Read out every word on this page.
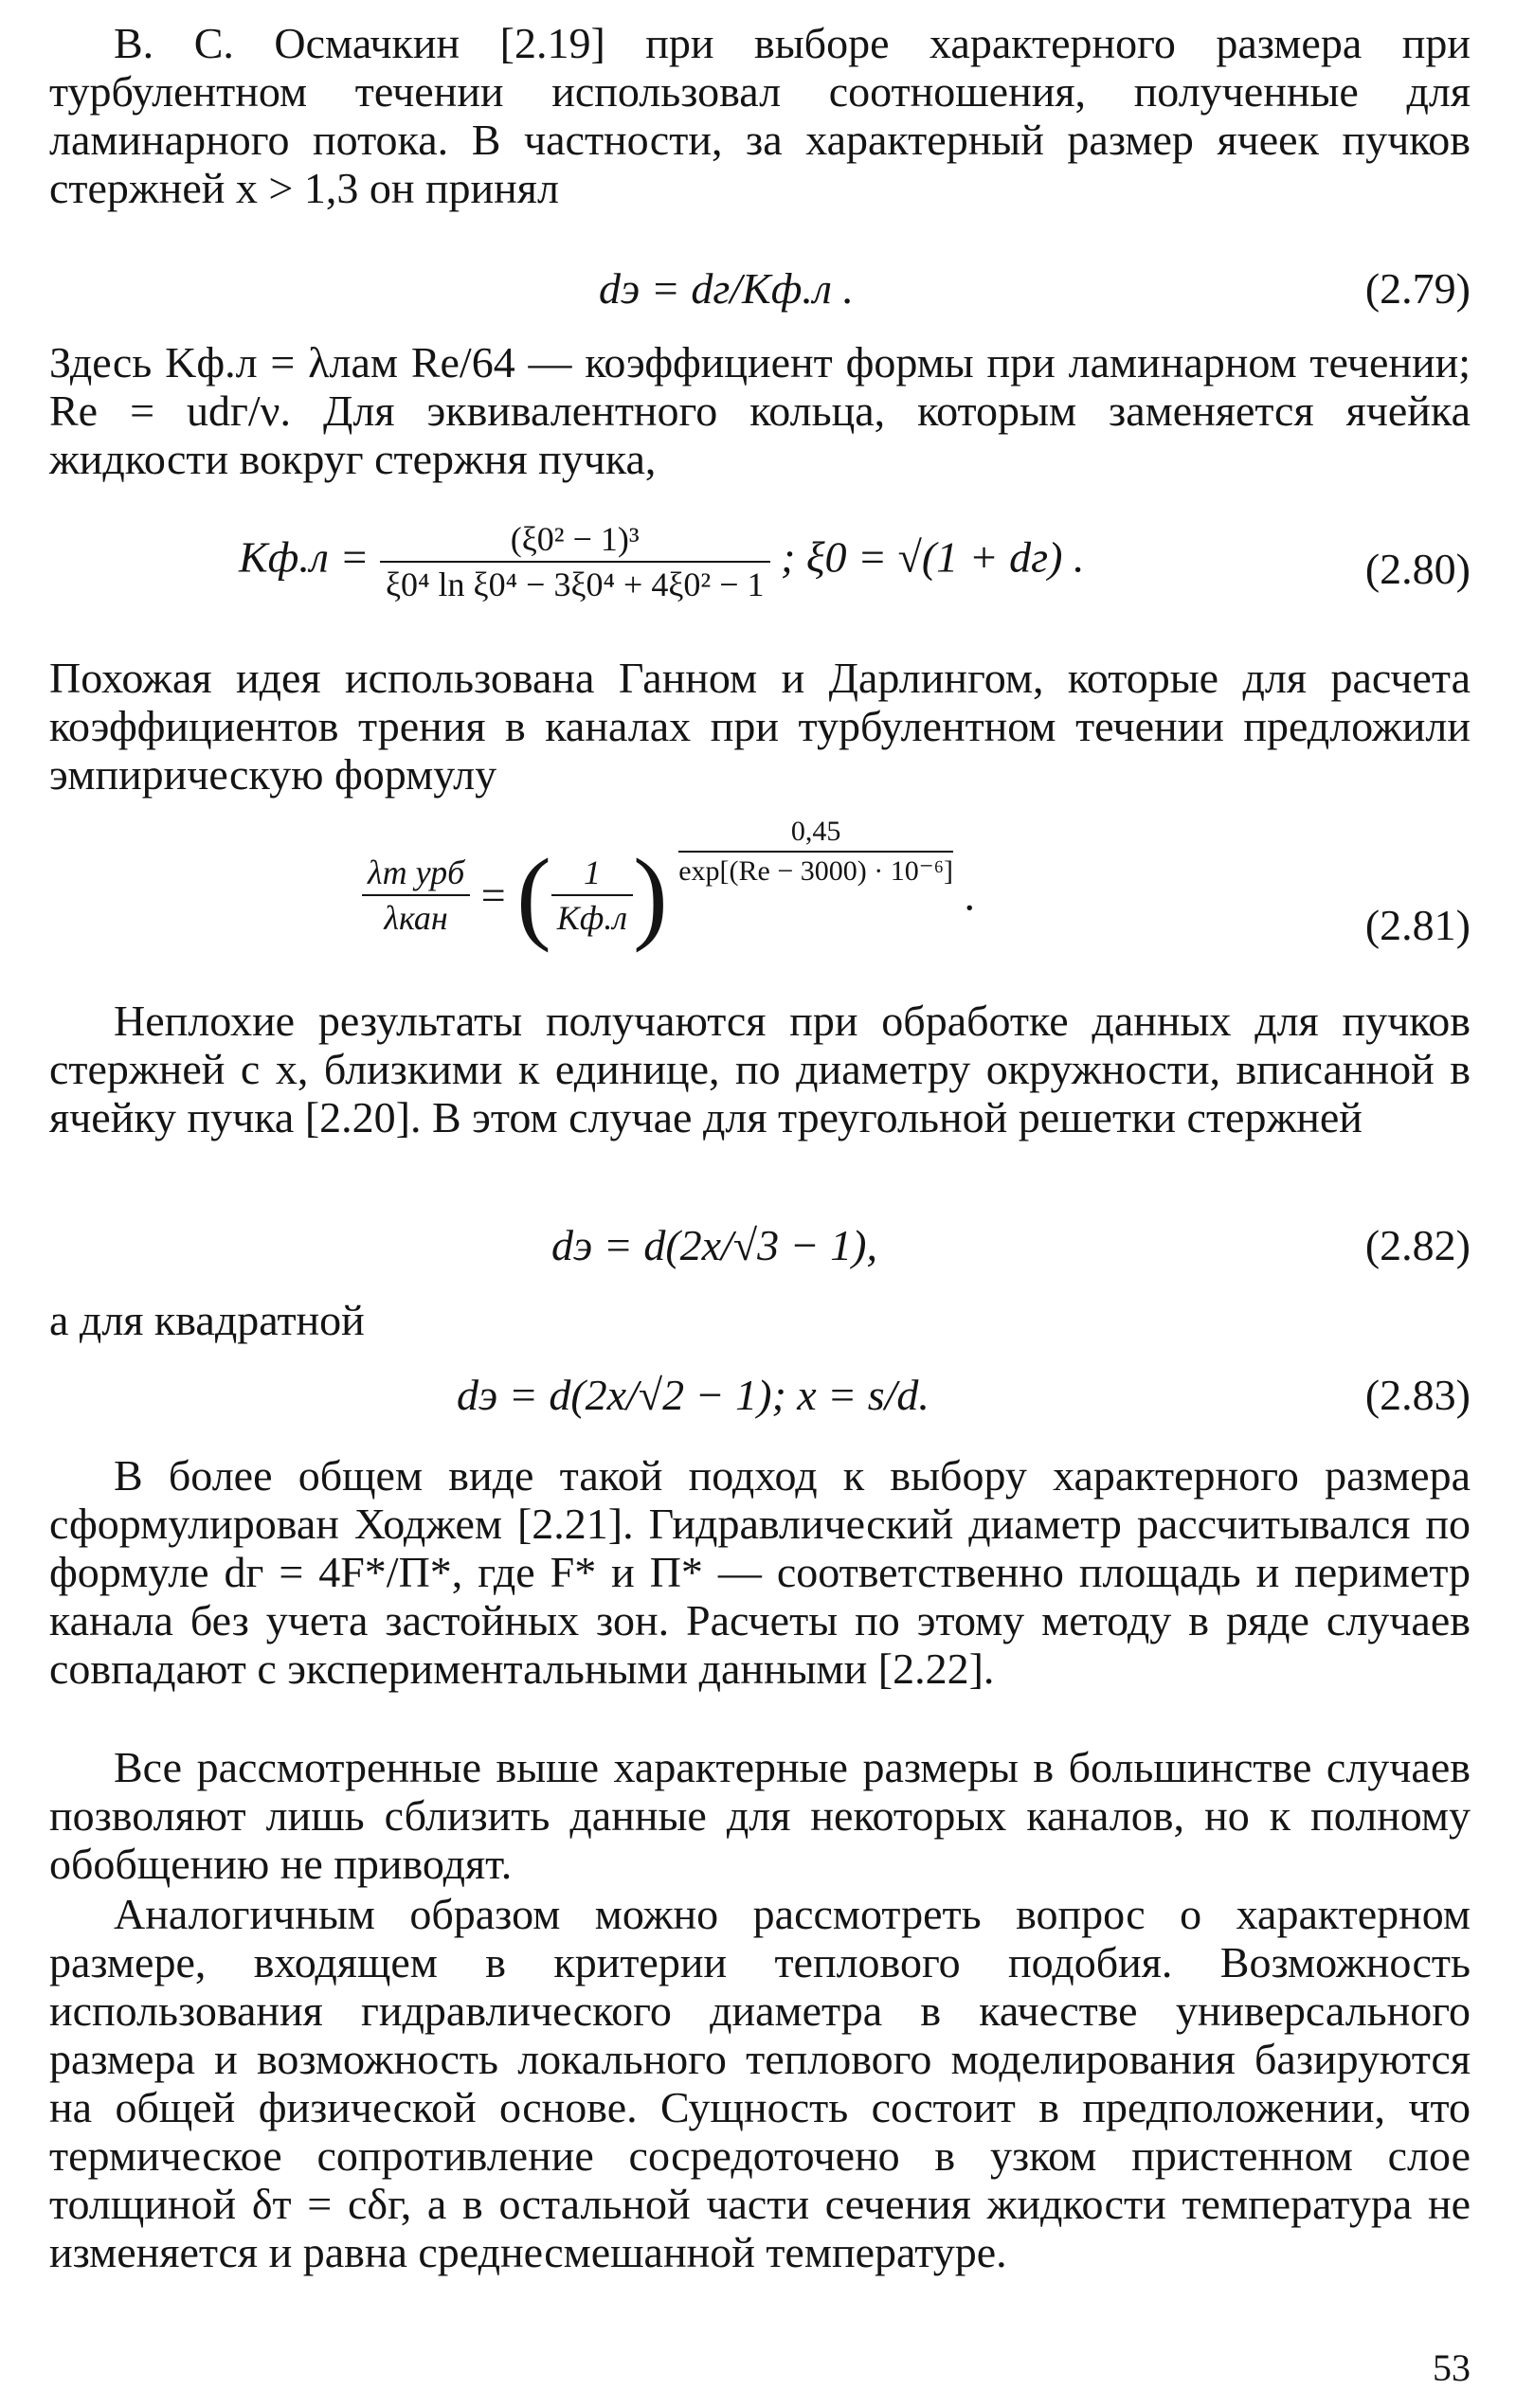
В. С. Осмачкин [2.19] при выборе характерного размера при турбулентном течении использовал соотношения, полученные для ламинарного потока. В частности, за характерный размер ячеек пучков стержней x > 1,3 он принял

dэ = dг/Kф.л .	(2.79)

Здесь Kф.л = λлам Re/64 — коэффициент формы при ламинарном течении; Re = udг/ν. Для эквивалентного кольца, которым заменяется ячейка жидкости вокруг стержня пучка,

$Kф.л = \frac{\text{(ξ0² − 1)³}}{\text{ξ0⁴ ln ξ0⁴ − 3ξ0⁴ + 4ξ0² − 1}}$ ; ξ0 = √(1 + dг) .	(2.80)

Похожая идея использована Ганном и Дарлингом, которые для расчета коэффициентов трения в каналах при турбулентном течении предложили эмпирическую формулу

$\frac{\text{λт урб}}{\text{λкан}}$ = ( $\frac{1}{Kф.л}$ ) $\frac{0,45}{\text{exp[(Re − 3000) · 10⁻⁶]}}$
.
(2.81)

Неплохие результаты получаются при обработке данных для пучков стержней с x, близкими к единице, по диаметру окружности, вписанной в ячейку пучка [2.20]. В этом случае для треугольной решетки стержней

dэ = d(2x/√3 − 1),	(2.82)

а для квадратной

dэ = d(2x/√2 − 1); x = s/d.	(2.83)

В более общем виде такой подход к выбору характерного размера сформулирован Ходжем [2.21]. Гидравлический диаметр рассчитывался по формуле dг = 4F*/П*, где F* и П* — соответственно площадь и периметр канала без учета застойных зон. Расчеты по этому методу в ряде случаев совпадают с экспериментальными данными [2.22].

Все рассмотренные выше характерные размеры в большинстве случаев позволяют лишь сблизить данные для некоторых каналов, но к полному обобщению не приводят.

Аналогичным образом можно рассмотреть вопрос о характерном размере, входящем в критерии теплового подобия. Возможность использования гидравлического диаметра в качестве универсального размера и возможность локального теплового моделирования базируются на общей физической основе. Сущность состоит в предположении, что термическое сопротивление сосредоточено в узком пристенном слое толщиной δт = cδг, а в остальной части сечения жидкости температура не изменяется и равна среднесмешанной температуре.

53
